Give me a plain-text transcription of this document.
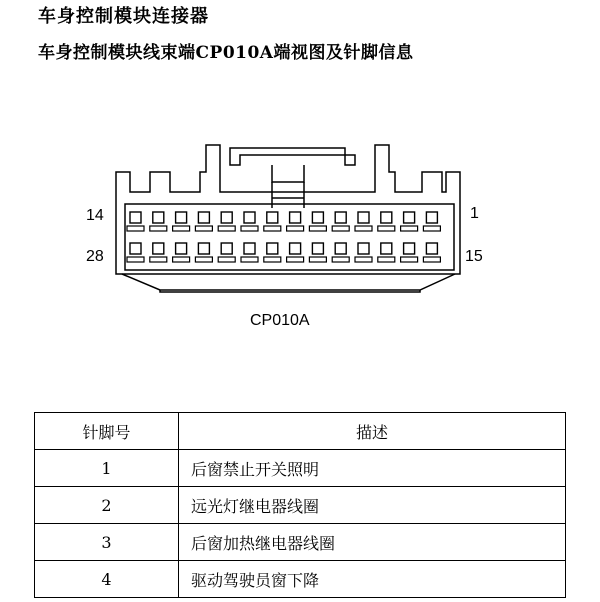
车身控制模块连接器
车身控制模块线束端CP010A端视图及针脚信息
14	1
28	15
CP010A
针脚号	描述
1	后窗禁止开关照明
2	远光灯继电器线圈
3	后窗加热继电器线圈
4	驱动驾驶员窗下降
